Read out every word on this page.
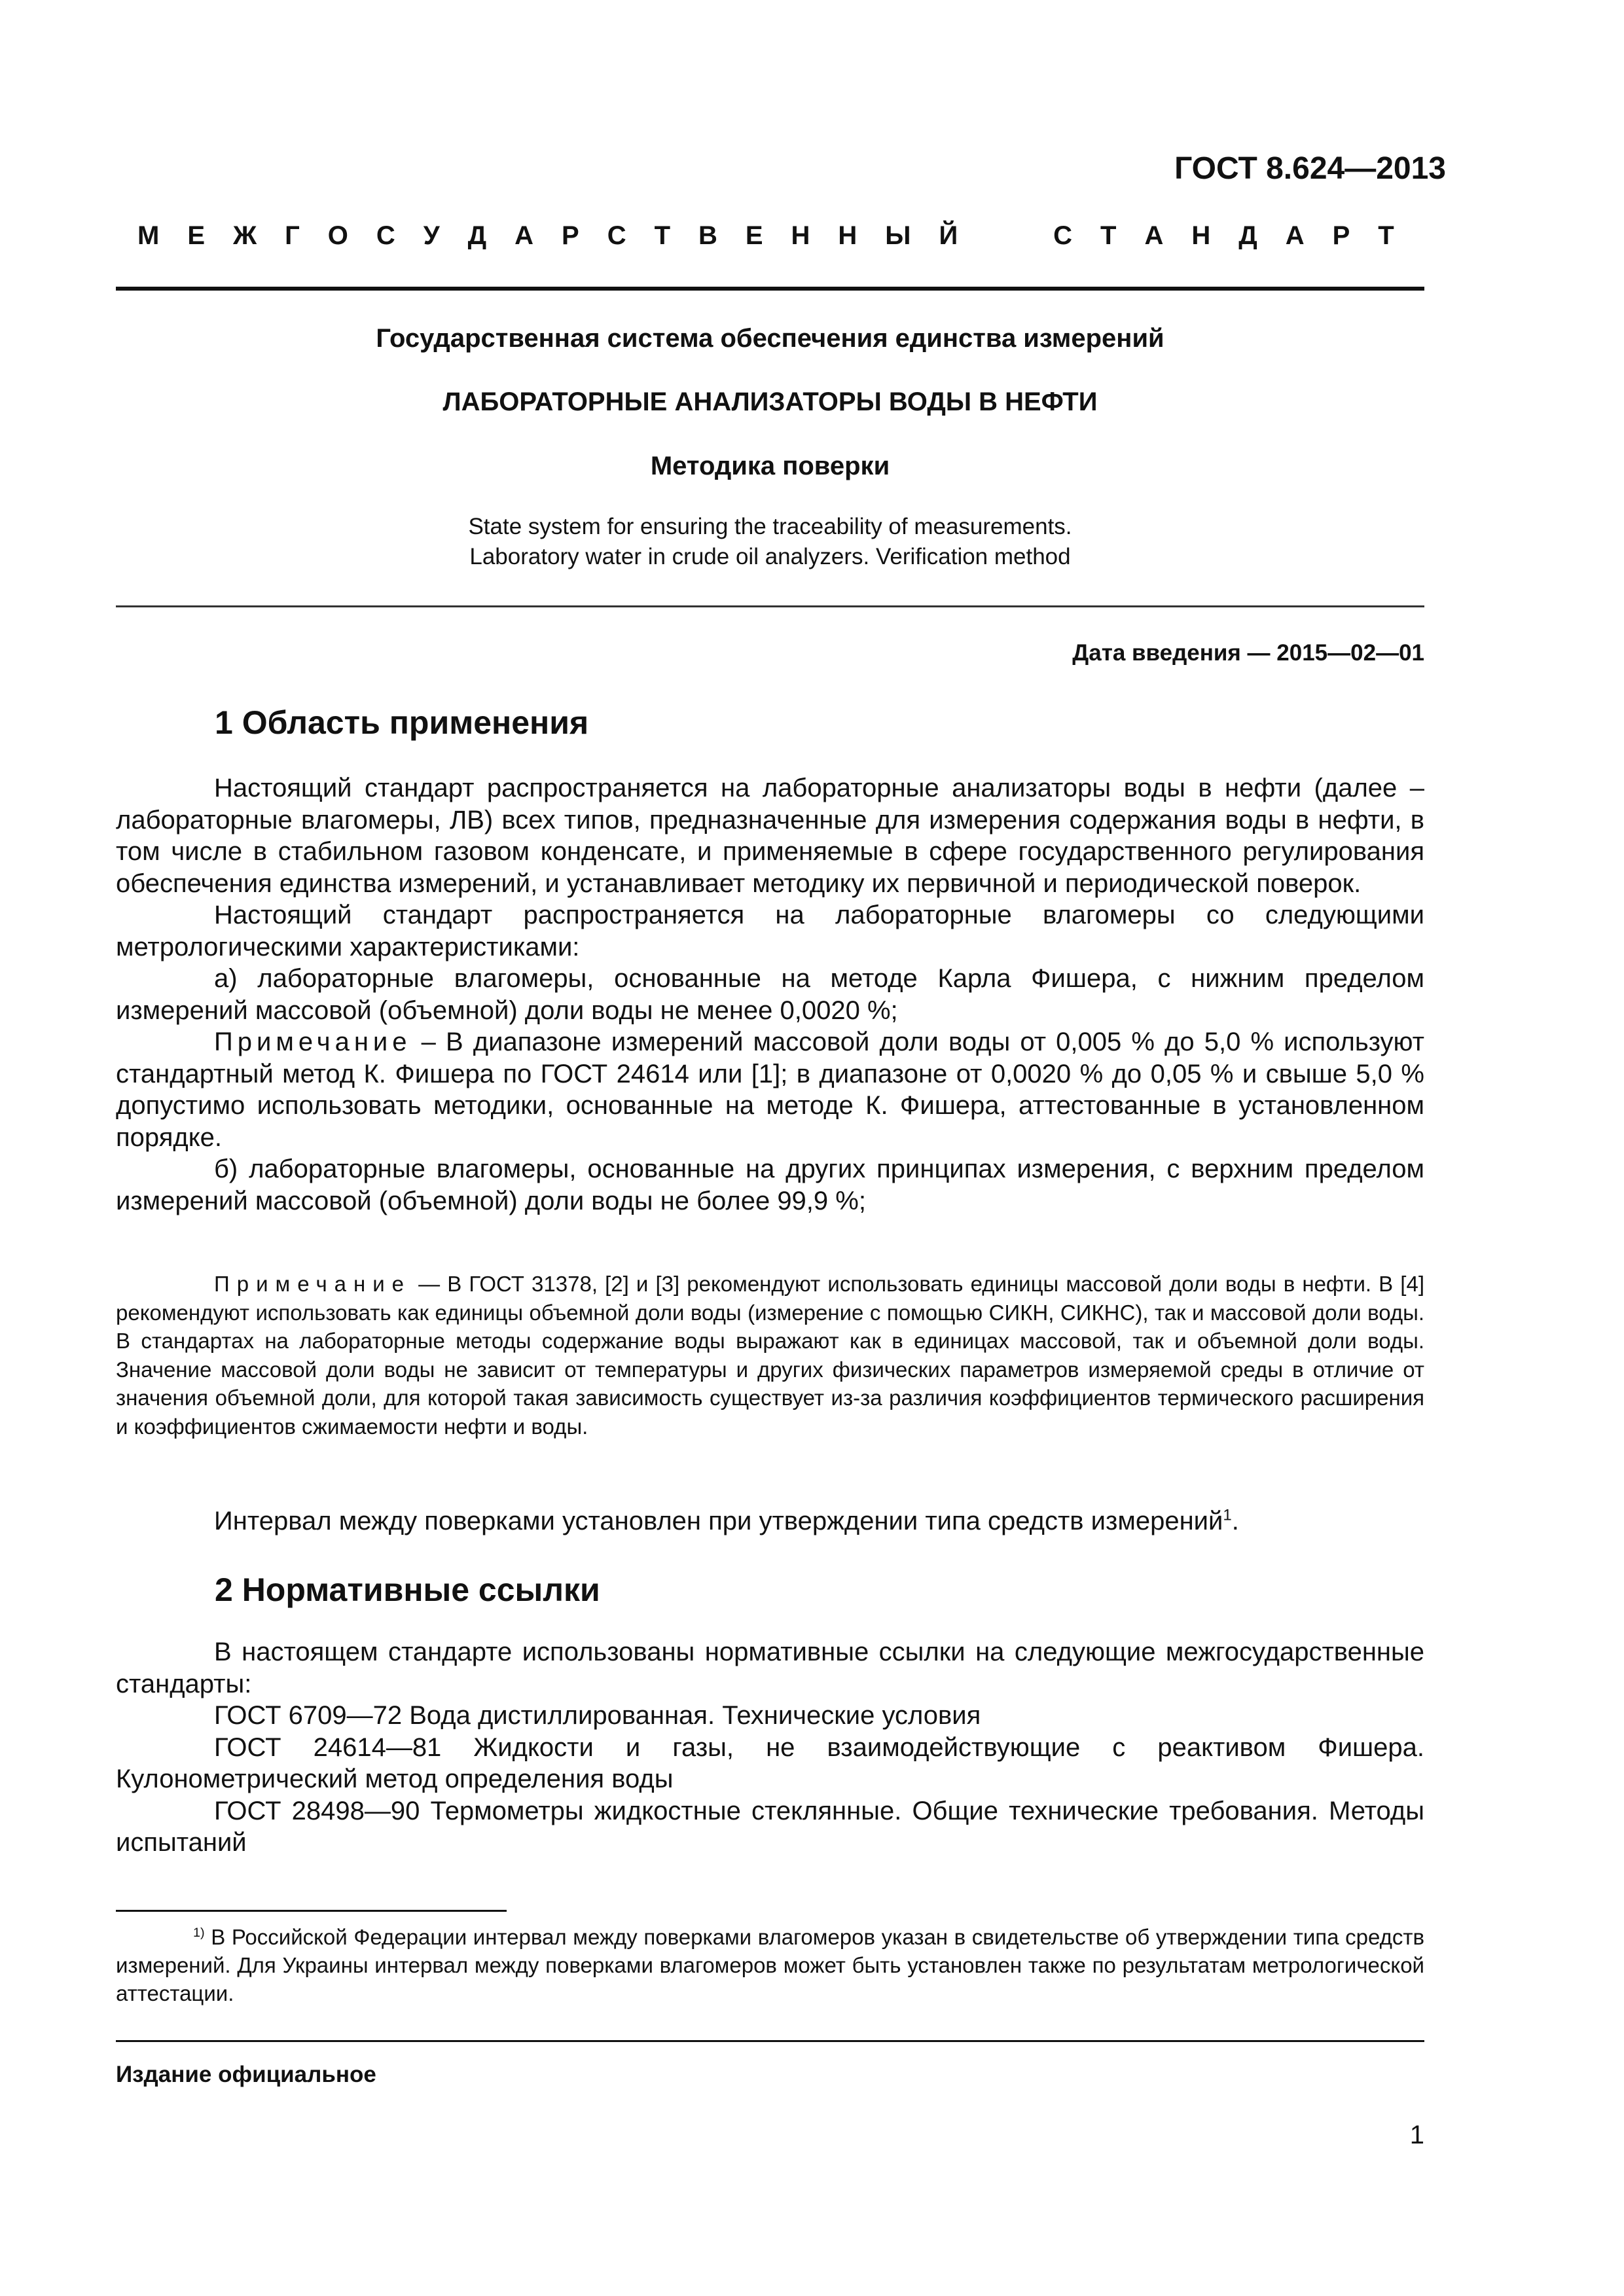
ГОСТ 8.624—2013
М Е Ж Г О С У Д А Р С Т В Е Н Н Ы Й	С Т А Н Д А Р Т
Государственная система обеспечения единства измерений
ЛАБОРАТОРНЫЕ АНАЛИЗАТОРЫ ВОДЫ В НЕФТИ
Методика поверки
State system for ensuring the traceability of measurements.
Laboratory water in crude oil analyzers. Verification method
Дата введения — 2015—02—01
1 Область применения

Настоящий стандарт распространяется на лабораторные анализаторы воды в нефти (далее – лабораторные влагомеры, ЛВ) всех типов, предназначенные для измерения содержания воды в нефти, в том числе в стабильном газовом конденсате, и применяемые в сфере государственного регулирования обеспечения единства измерений, и устанавливает методику их первичной и периодической поверок.

Настоящий стандарт распространяется на лабораторные влагомеры со следующими метрологическими характеристиками:

а) лабораторные влагомеры, основанные на методе Карла Фишера, с нижним пределом измерений массовой (объемной) доли воды не менее 0,0020 %;

Примечание – В диапазоне измерений массовой доли воды от 0,005 % до 5,0 % используют стандартный метод К. Фишера по ГОСТ 24614 или [1]; в диапазоне от 0,0020 % до 0,05 % и свыше 5,0 % допустимо использовать методики, основанные на методе К. Фишера, аттестованные в установленном порядке.

б) лабораторные влагомеры, основанные на других принципах измерения, с верхним пределом измерений массовой (объемной) доли воды не более 99,9 %;

Примечание — В ГОСТ 31378, [2] и [3] рекомендуют использовать единицы массовой доли воды в нефти. В [4] рекомендуют использовать как единицы объемной доли воды (измерение с помощью СИКН, СИКНС), так и массовой доли воды. В стандартах на лабораторные методы содержание воды выражают как в единицах массовой, так и объемной доли воды. Значение массовой доли воды не зависит от температуры и других физических параметров измеряемой среды в отличие от значения объемной доли, для которой такая зависимость существует из-за различия коэффициентов термического расширения и коэффициентов сжимаемости нефти и воды.

Интервал между поверками установлен при утверждении типа средств измерений$^1$.

2 Нормативные ссылки

В настоящем стандарте использованы нормативные ссылки на следующие межгосударственные стандарты:

ГОСТ 6709—72 Вода дистиллированная. Технические условия

ГОСТ 24614—81 Жидкости и газы, не взаимодействующие с реактивом Фишера. Кулонометрический метод определения воды

ГОСТ 28498—90 Термометры жидкостные стеклянные. Общие технические требования. Методы испытаний

$^{1)}$ В Российской Федерации интервал между поверками влагомеров указан в свидетельстве об утверждении типа средств измерений. Для Украины интервал между поверками влагомеров может быть установлен также по результатам метрологической аттестации.

Издание официальное
1
